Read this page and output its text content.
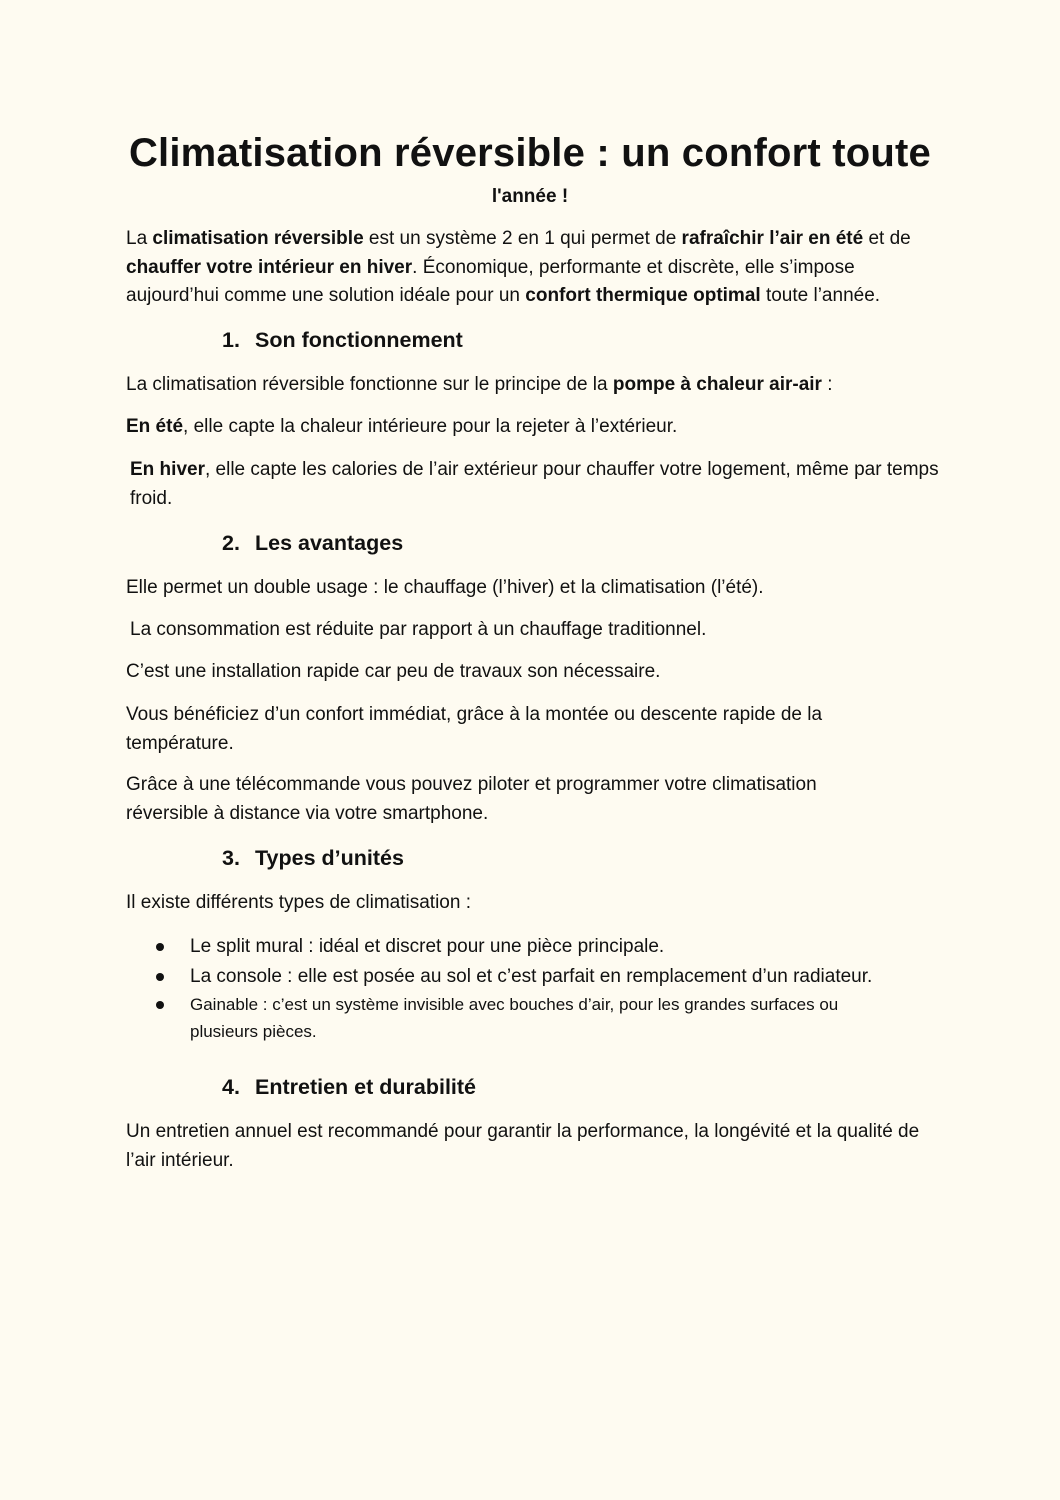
Climatisation réversible : un confort toute
l'année !
La climatisation réversible est un système 2 en 1 qui permet de rafraîchir l’air en été et de chauffer votre intérieur en hiver. Économique, performante et discrète, elle s’impose aujourd’hui comme une solution idéale pour un confort thermique optimal toute l’année.
1. Son fonctionnement
La climatisation réversible fonctionne sur le principe de la pompe à chaleur air-air :
En été, elle capte la chaleur intérieure pour la rejeter à l’extérieur.
En hiver, elle capte les calories de l’air extérieur pour chauffer votre logement, même par temps froid.
2. Les avantages
Elle permet un double usage : le chauffage (l’hiver) et la climatisation (l’été).
La consommation est réduite par rapport à un chauffage traditionnel.
C’est une installation rapide car peu de travaux son nécessaire.
Vous bénéficiez d’un confort immédiat, grâce à la montée ou descente rapide de la température.
Grâce à une télécommande vous pouvez piloter et programmer votre climatisation réversible à distance via votre smartphone.
3. Types d’unités
Il existe différents types de climatisation :
Le split mural : idéal et discret pour une pièce principale.
La console : elle est posée au sol et c’est parfait en remplacement d’un radiateur.
Gainable : c’est un système invisible avec bouches d’air, pour les grandes surfaces ou plusieurs pièces.
4. Entretien et durabilité
Un entretien annuel est recommandé pour garantir la performance, la longévité et la qualité de l’air intérieur.
